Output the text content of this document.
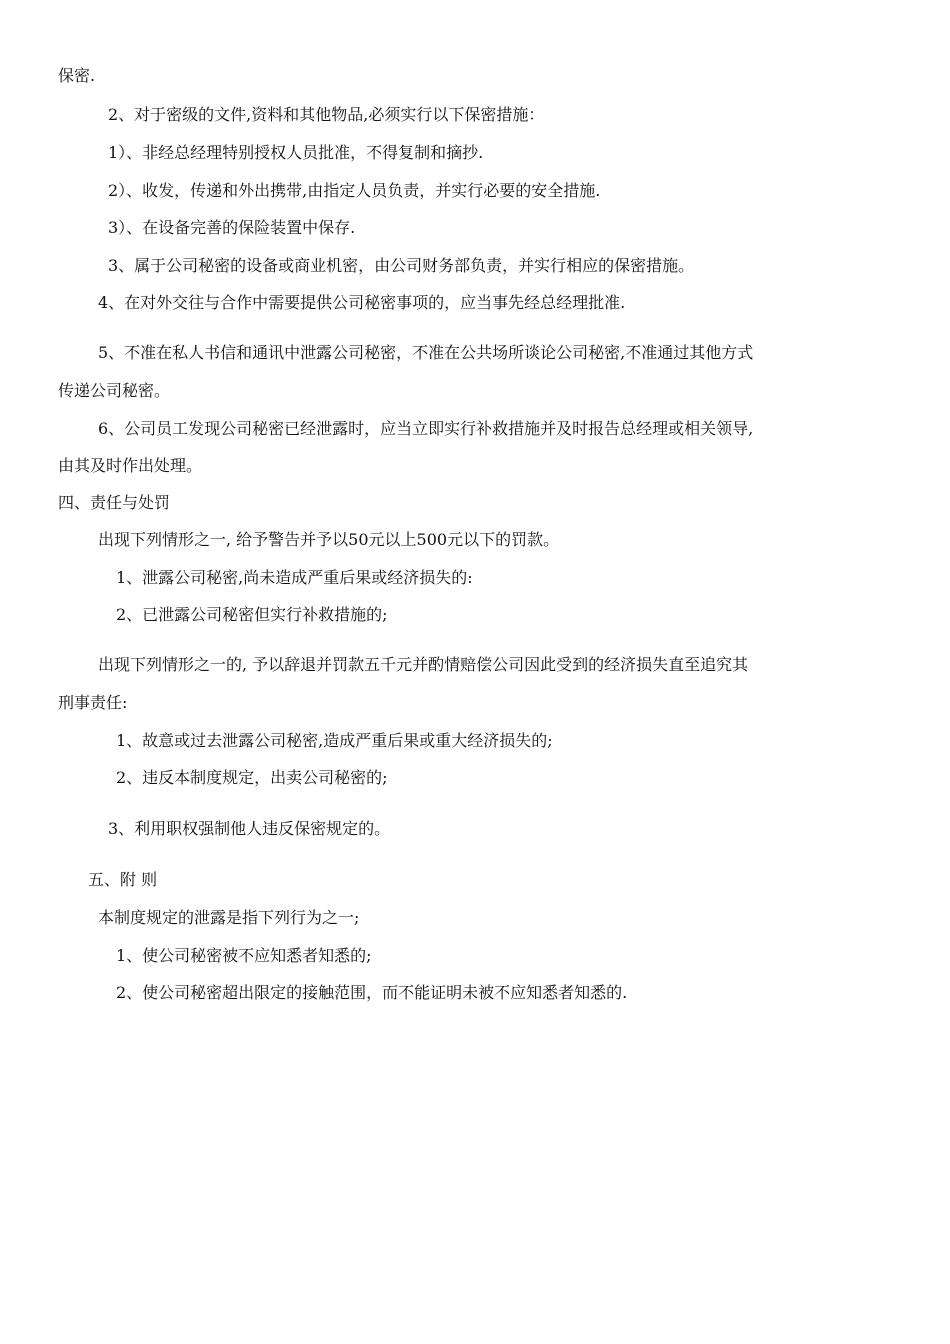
保密.
2、对于密级的文件,资料和其他物品,必须实行以下保密措施：
1）、非经总经理特别授权人员批准，不得复制和摘抄.
2）、收发，传递和外出携带,由指定人员负责，并实行必要的安全措施.
3）、在设备完善的保险装置中保存.
3、属于公司秘密的设备或商业机密，由公司财务部负责，并实行相应的保密措施。
4、在对外交往与合作中需要提供公司秘密事项的，应当事先经总经理批准.
5、不准在私人书信和通讯中泄露公司秘密，不准在公共场所谈论公司秘密,不准通过其他方式
传递公司秘密。
6、公司员工发现公司秘密已经泄露时，应当立即实行补救措施并及时报告总经理或相关领导,
由其及时作出处理。
四、责任与处罚
出现下列情形之一, 给予警告并予以50元以上500元以下的罚款。
1、泄露公司秘密,尚未造成严重后果或经济损失的:
2、已泄露公司秘密但实行补救措施的;
出现下列情形之一的, 予以辞退并罚款五千元并酌情赔偿公司因此受到的经济损失直至追究其
刑事责任:
1、故意或过去泄露公司秘密,造成严重后果或重大经济损失的;
2、违反本制度规定，出卖公司秘密的;
3、利用职权强制他人违反保密规定的。
五、附 则
本制度规定的泄露是指下列行为之一;
1、使公司秘密被不应知悉者知悉的;
2、使公司秘密超出限定的接触范围，而不能证明未被不应知悉者知悉的.
